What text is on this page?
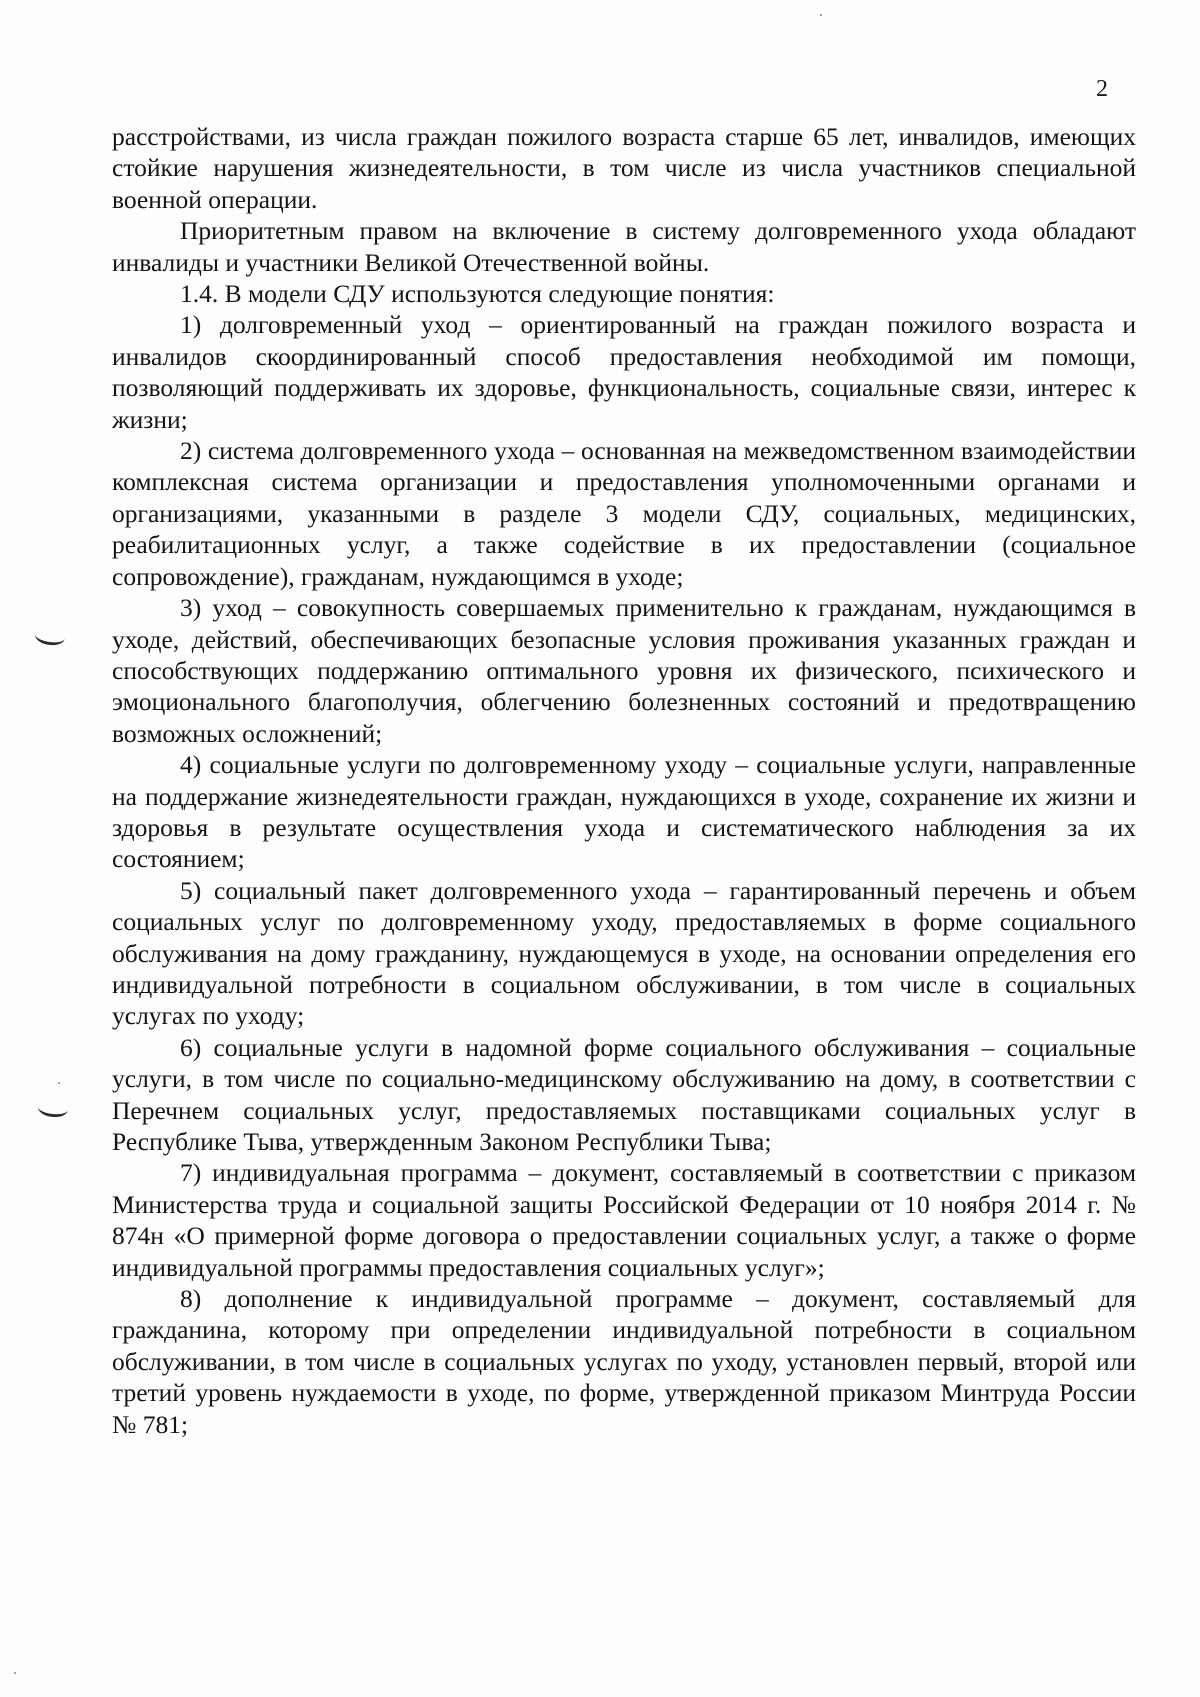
2

расстройствами, из числа граждан пожилого возраста старше 65 лет, инвалидов, имеющих стойкие нарушения жизнедеятельности, в том числе из числа участников специальной военной операции.

Приоритетным правом на включение в систему долговременного ухода обладают инвалиды и участники Великой Отечественной войны.

1.4. В модели СДУ используются следующие понятия:

1) долговременный уход – ориентированный на граждан пожилого возраста и инвалидов скоординированный способ предоставления необходимой им помощи, позволяющий поддерживать их здоровье, функциональность, социальные связи, интерес к жизни;

2) система долговременного ухода – основанная на межведомственном взаимодействии комплексная система организации и предоставления уполномоченными органами и организациями, указанными в разделе 3 модели СДУ, социальных, медицинских, реабилитационных услуг, а также содействие в их предоставлении (социальное сопровождение), гражданам, нуждающимся в уходе;

3) уход – совокупность совершаемых применительно к гражданам, нуждающимся в уходе, действий, обеспечивающих безопасные условия проживания указанных граждан и способствующих поддержанию оптимального уровня их физического, психического и эмоционального благополучия, облегчению болезненных состояний и предотвращению возможных осложнений;

4) социальные услуги по долговременному уходу – социальные услуги, направленные на поддержание жизнедеятельности граждан, нуждающихся в уходе, сохранение их жизни и здоровья в результате осуществления ухода и систематического наблюдения за их состоянием;

5) социальный пакет долговременного ухода – гарантированный перечень и объем социальных услуг по долговременному уходу, предоставляемых в форме социального обслуживания на дому гражданину, нуждающемуся в уходе, на основании определения его индивидуальной потребности в социальном обслуживании, в том числе в социальных услугах по уходу;

6) социальные услуги в надомной форме социального обслуживания – социальные услуги, в том числе по социально-медицинскому обслуживанию на дому, в соответствии с Перечнем социальных услуг, предоставляемых поставщиками социальных услуг в Республике Тыва, утвержденным Законом Республики Тыва;

7) индивидуальная программа – документ, составляемый в соответствии с приказом Министерства труда и социальной защиты Российской Федерации от 10 ноября 2014 г. № 874н «О примерной форме договора о предоставлении социальных услуг, а также о форме индивидуальной программы предоставления социальных услуг»;

8) дополнение к индивидуальной программе – документ, составляемый для гражданина, которому при определении индивидуальной потребности в социальном обслуживании, в том числе в социальных услугах по уходу, установлен первый, второй или третий уровень нуждаемости в уходе, по форме, утвержденной приказом Минтруда России № 781;
